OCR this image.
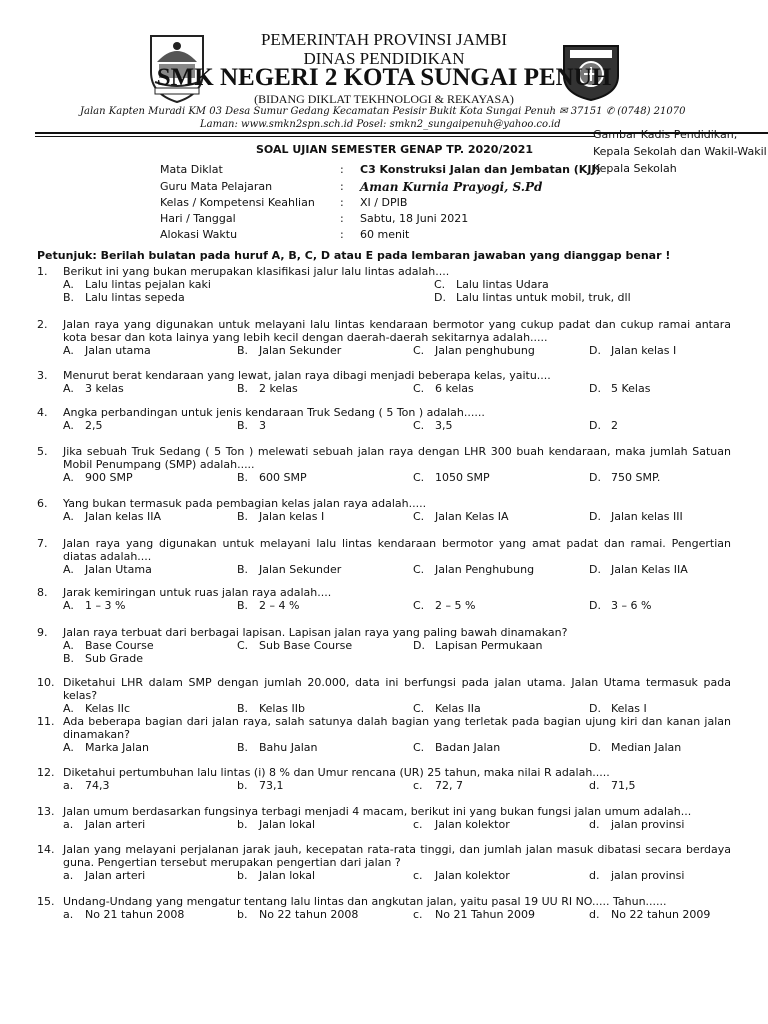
PEMERINTAH PROVINSI JAMBI
DINAS PENDIDIKAN
SMK NEGERI 2 KOTA SUNGAI PENUH
(BIDANG DIKLAT TEKHNOLOGI & REKAYASA)
Jalan Kapten Muradi KM 03 Desa Sumur Gedang Kecamatan Pesisir Bukit Kota Sungai Penuh ✉ 37151 ✆ (0748) 21070
Laman: www.smkn2spn.sch.id Posel: smkn2_sungaipenuh@yahoo.co.id
Gambar Kadis Pendidikan, Kepala Sekolah dan Wakil-Wakil Kepala Sekolah
SOAL UJIAN SEMESTER GENAP TP. 2020/2021
Mata Diklat	: C3 Konstruksi Jalan dan Jembatan (KJJ)
Guru Mata Pelajaran	: Aman Kurnia Prayogi, S.Pd
Kelas / Kompetensi Keahlian : XI / DPIB
Hari / Tanggal	: Sabtu, 18 Juni 2021
Alokasi Waktu	: 60 menit
Petunjuk: Berilah bulatan pada huruf A, B, C, D atau E pada lembaran jawaban yang dianggap benar !
1. Berikut ini yang bukan merupakan klasifikasi jalur lalu lintas adalah....
A. Lalu lintas pejalan kaki	C. Lalu lintas Udara
B. Lalu lintas sepeda	D. Lalu lintas untuk mobil, truk, dll
2. Jalan raya yang digunakan untuk melayani lalu lintas kendaraan bermotor yang cukup padat dan cukup ramai antara kota besar dan kota lainya yang lebih kecil dengan daerah-daerah sekitarnya adalah.....
A. Jalan utama	B. Jalan Sekunder	C. Jalan penghubung	D. Jalan kelas I
3. Menurut berat kendaraan yang lewat, jalan raya dibagi menjadi beberapa kelas, yaitu....
A. 3 kelas	B. 2 kelas	C. 6 kelas	D. 5 Kelas
4. Angka perbandingan untuk jenis kendaraan Truk Sedang ( 5 Ton ) adalah......
A. 2,5	B. 3	C. 3,5	D. 2
5. Jika sebuah Truk Sedang ( 5 Ton ) melewati sebuah jalan raya dengan LHR 300 buah kendaraan, maka jumlah Satuan Mobil Penumpang (SMP) adalah.....
A. 900 SMP	B. 600 SMP	C. 1050 SMP	D. 750 SMP.
6. Yang bukan termasuk pada pembagian kelas jalan raya adalah.....
A. Jalan kelas IIA	B. Jalan kelas I	C. Jalan Kelas IA	D. Jalan kelas III
7. Jalan raya yang digunakan untuk melayani lalu lintas kendaraan bermotor yang amat padat dan ramai. Pengertian diatas adalah....
A. Jalan Utama	B. Jalan Sekunder	C. Jalan Penghubung	D. Jalan Kelas IIA
8. Jarak kemiringan untuk ruas jalan raya adalah....
A. 1 – 3 %	B. 2 – 4 %	C. 2 – 5 %	D. 3 – 6 %
9. Jalan raya terbuat dari berbagai lapisan. Lapisan jalan raya yang paling bawah dinamakan?
A. Base Course	C. Sub Base Course	D. Lapisan Permukaan
B. Sub Grade
10. Diketahui LHR dalam SMP dengan jumlah 20.000, data ini berfungsi pada jalan utama. Jalan Utama termasuk pada kelas?
A. Kelas IIc	B. Kelas IIb	C. Kelas IIa	D. Kelas I
11. Ada beberapa bagian dari jalan raya, salah satunya dalah bagian yang terletak pada bagian ujung kiri dan kanan jalan dinamakan?
A. Marka Jalan	B. Bahu Jalan	C. Badan Jalan	D. Median Jalan
12. Diketahui pertumbuhan lalu lintas (i) 8 % dan Umur rencana (UR) 25 tahun, maka nilai R adalah.....
a. 74,3	b. 73,1	c. 72, 7	d. 71,5
13. Jalan umum berdasarkan fungsinya terbagi menjadi 4 macam, berikut ini yang bukan fungsi jalan umum adalah...
a. Jalan arteri	b. Jalan lokal	c. Jalan kolektor	d. jalan provinsi
14. Jalan yang melayani perjalanan jarak jauh, kecepatan rata-rata tinggi, dan jumlah jalan masuk dibatasi secara berdaya guna. Pengertian tersebut merupakan pengertian dari jalan ?
a. Jalan arteri	b. Jalan lokal	c. Jalan kolektor	d. jalan provinsi
15. Undang-Undang yang mengatur tentang lalu lintas dan angkutan jalan, yaitu pasal 19 UU RI NO..... Tahun......
a. No 21 tahun 2008	b. No 22 tahun 2008	c. No 21 Tahun 2009	d. No 22 tahun 2009
